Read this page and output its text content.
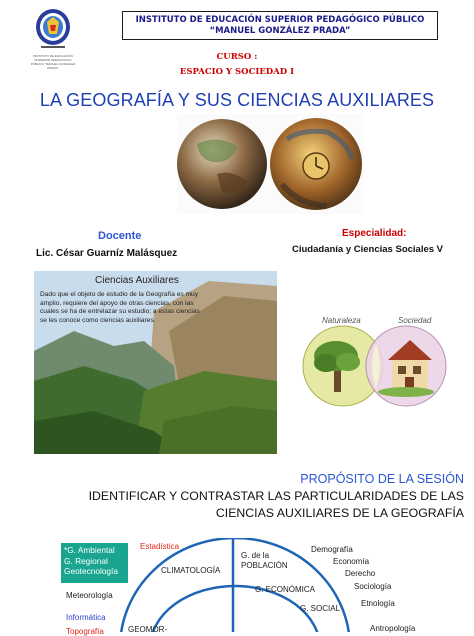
INSTITUTO DE EDUCACIÓN SUPERIOR PEDAGÓGICO PÚBLICO "MANUEL GONZÁLEZ PRADA"
INSTITUTO DE EDUCACIÓN SUPERIOR PEDAGÓGICO PÚBLICO
“MANUEL GONZÁLEZ PRADA”
CURSO :
ESPACIO Y SOCIEDAD I
LA GEOGRAFÍA Y SUS CIENCIAS AUXILIARES
Docente
Lic. César Guarníz Malásquez
Especialidad:
Ciudadanía y Ciencias Sociales V
Ciencias Auxiliares
Dado que el objeto de estudio de la Geografía es muy amplio, requiere del apoyo de otras ciencias, con las cuales se ha de entrelazar su estudio; a estas ciencias se les conoce como ciencias auxiliares.	Naturaleza	Sociedad
PROPÓSITO DE LA SESIÓN
IDENTIFICAR Y CONTRASTAR LAS PARTICULARIDADES DE LAS
CIENCIAS AUXILIARES DE LA GEOGRAFÍA
*G. Ambiental
G. Regional
Geotecnología
Estadística
Meteorología
Informática
Topografía
CLIMATOLOGÍA
G. de la
POBLACIÓN
G. ECONÓMICA
G. SOCIAL
GEOMOR-
Demografía
Economía
Derecho
Sociología
Etnología
Antropología
